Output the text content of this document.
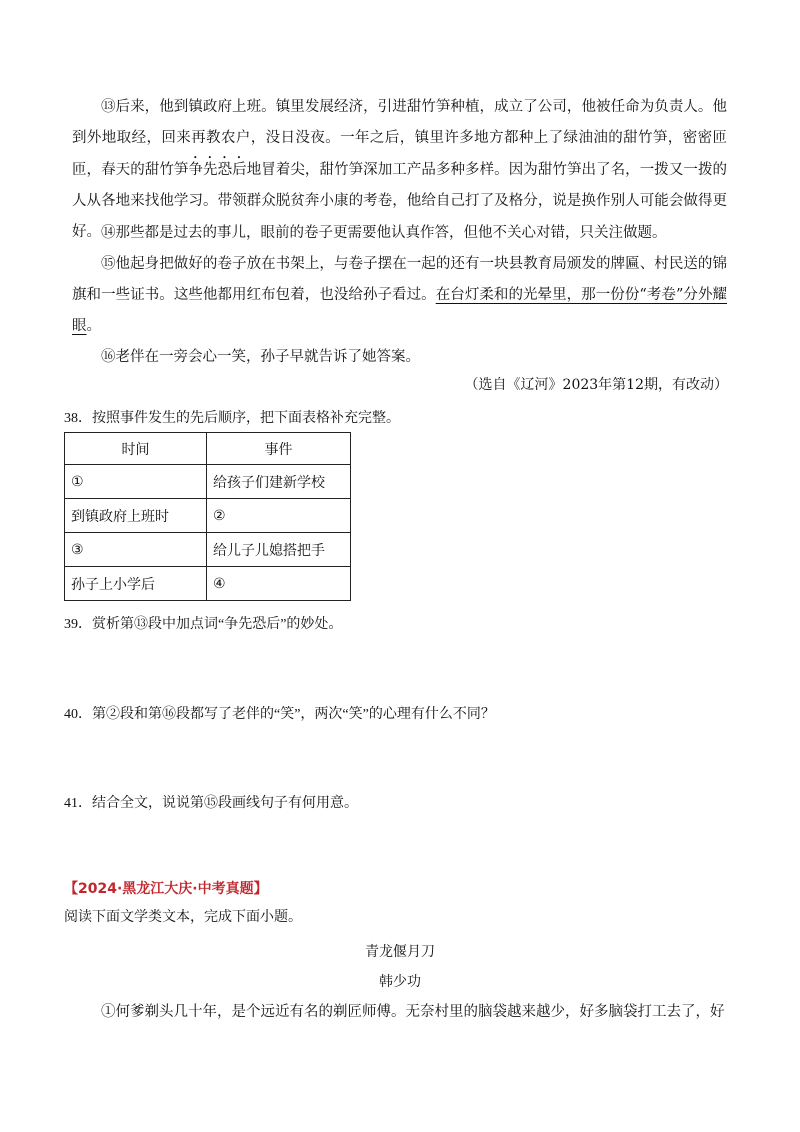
⑬后来，他到镇政府上班。镇里发展经济，引进甜竹笋种植，成立了公司，他被任命为负责人。他到外地取经，回来再教农户，没日没夜。一年之后，镇里许多地方都种上了绿油油的甜竹笋，密密匝匝，春天的甜竹笋争先恐后地冒着尖，甜竹笋深加工产品多种多样。因为甜竹笋出了名，一拨又一拨的人从各地来找他学习。带领群众脱贫奔小康的考卷，他给自己打了及格分，说是换作别人可能会做得更好。 ⑭那些都是过去的事儿，眼前的卷子更需要他认真作答，但他不关心对错，只关注做题。

⑮他起身把做好的卷子放在书架上，与卷子摆在一起的还有一块县教育局颁发的牌匾、村民送的锦旗和一些证书。这些他都用红布包着，也没给孙子看过。在台灯柔和的光晕里，那一份份“考卷”分外耀眼。

⑯老伴在一旁会心一笑，孙子早就告诉了她答案。

（选自《辽河》2023年第12期，有改动）
38．按照事件发生的先后顺序，把下面表格补充完整。
时间	事件
①	给孩子们建新学校
到镇政府上班时	②
③	给儿子儿媳搭把手
孙子上小学后	④
39．赏析第⑬段中加点词“争先恐后”的妙处。
40．第②段和第⑯段都写了老伴的“笑”，两次“笑”的心理有什么不同？
41．结合全文，说说第⑮段画线句子有何用意。
【2024·黑龙江大庆·中考真题】
阅读下面文学类文本，完成下面小题。
青龙偃月刀
韩少功

①何爹剃头几十年，是个远近有名的剃匠师傅。无奈村里的脑袋越来越少，好多脑袋打工去了，好
